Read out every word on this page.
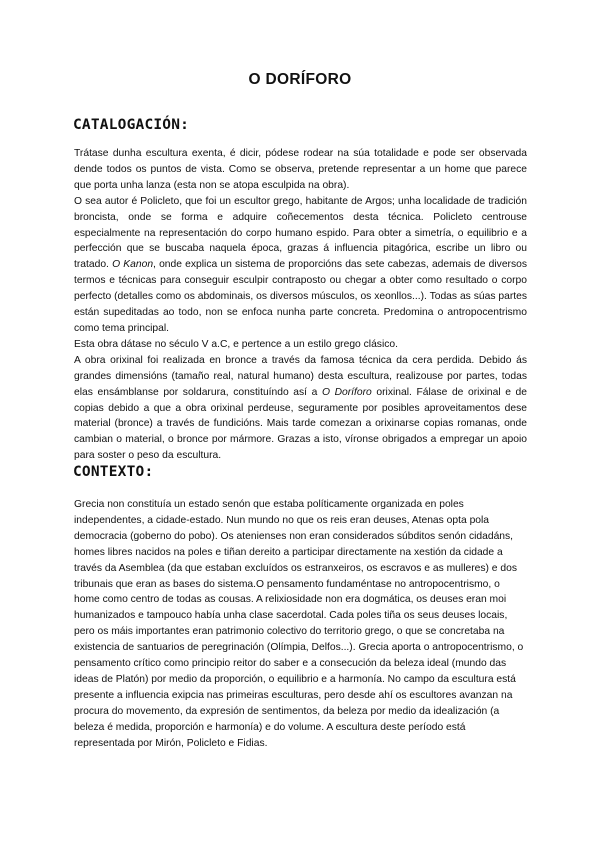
O DORÍFORO
CATALOGACIÓN:

Trátase dunha escultura exenta, é dicir, pódese rodear na súa totalidade e pode ser observada dende todos os puntos de vista. Como se observa, pretende representar a un home que parece que porta unha lanza (esta non se atopa esculpida na obra).

O sea autor é Policleto, que foi un escultor grego, habitante de Argos; unha localidade de tradición broncista, onde se forma e adquire coñecementos desta técnica. Policleto centrouse especialmente na representación do corpo humano espido. Para obter a simetría, o equilibrio e a perfección que se buscaba naquela época, grazas á influencia pitagórica, escribe un libro ou tratado. O Kanon, onde explica un sistema de proporcións das sete cabezas, ademais de diversos termos e técnicas para conseguir esculpir contraposto ou chegar a obter como resultado o corpo perfecto (detalles como os abdominais, os diversos músculos, os xeonllos...). Todas as súas partes están supeditadas ao todo, non se enfoca nunha parte concreta. Predomina o antropocentrismo como tema principal.

Esta obra dátase no século V a.C, e pertence a un estilo grego clásico.

A obra orixinal foi realizada en bronce a través da famosa técnica da cera perdida. Debido ás grandes dimensións (tamaño real, natural humano) desta escultura, realizouse por partes, todas elas ensámblanse por soldarura, constituíndo así a O Doríforo orixinal. Fálase de orixinal e de copias debido a que a obra orixinal perdeuse, seguramente por posibles aproveitamentos dese material (bronce) a través de fundicións. Mais tarde comezan a orixinarse copias romanas, onde cambian o material, o bronce por mármore. Grazas a isto, víronse obrigados a empregar un apoio para soster o peso da escultura.

CONTEXTO:

Grecia non constituía un estado senón que estaba políticamente organizada en poles independentes, a cidade-estado. Nun mundo no que os reis eran deuses, Atenas opta pola democracia (goberno do pobo). Os atenienses non eran considerados súbditos senón cidadáns, homes libres nacidos na poles e tiñan dereito a participar directamente na xestión da cidade a través da Asemblea (da que estaban excluídos os estranxeiros, os escravos e as mulleres) e dos tribunais que eran as bases do sistema.O pensamento fundaméntase no antropocentrismo, o home como centro de todas as cousas. A relixiosidade non era dogmática, os deuses eran moi humanizados e tampouco había unha clase sacerdotal. Cada poles tiña os seus deuses locais, pero os máis importantes eran patrimonio colectivo do territorio grego, o que se concretaba na existencia de santuarios de peregrinación (Olímpia, Delfos...). Grecia aporta o antropocentrismo, o pensamento crítico como principio reitor do saber e a consecución da beleza ideal (mundo das ideas de Platón) por medio da proporción, o equilibrio e a harmonía. No campo da escultura está presente a influencia exipcia nas primeiras esculturas, pero desde ahí os escultores avanzan na procura do movemento, da expresión de sentimentos, da beleza por medio da idealización (a beleza é medida, proporción e harmonía) e do volume. A escultura deste período está representada por Mirón, Policleto e Fidias.
